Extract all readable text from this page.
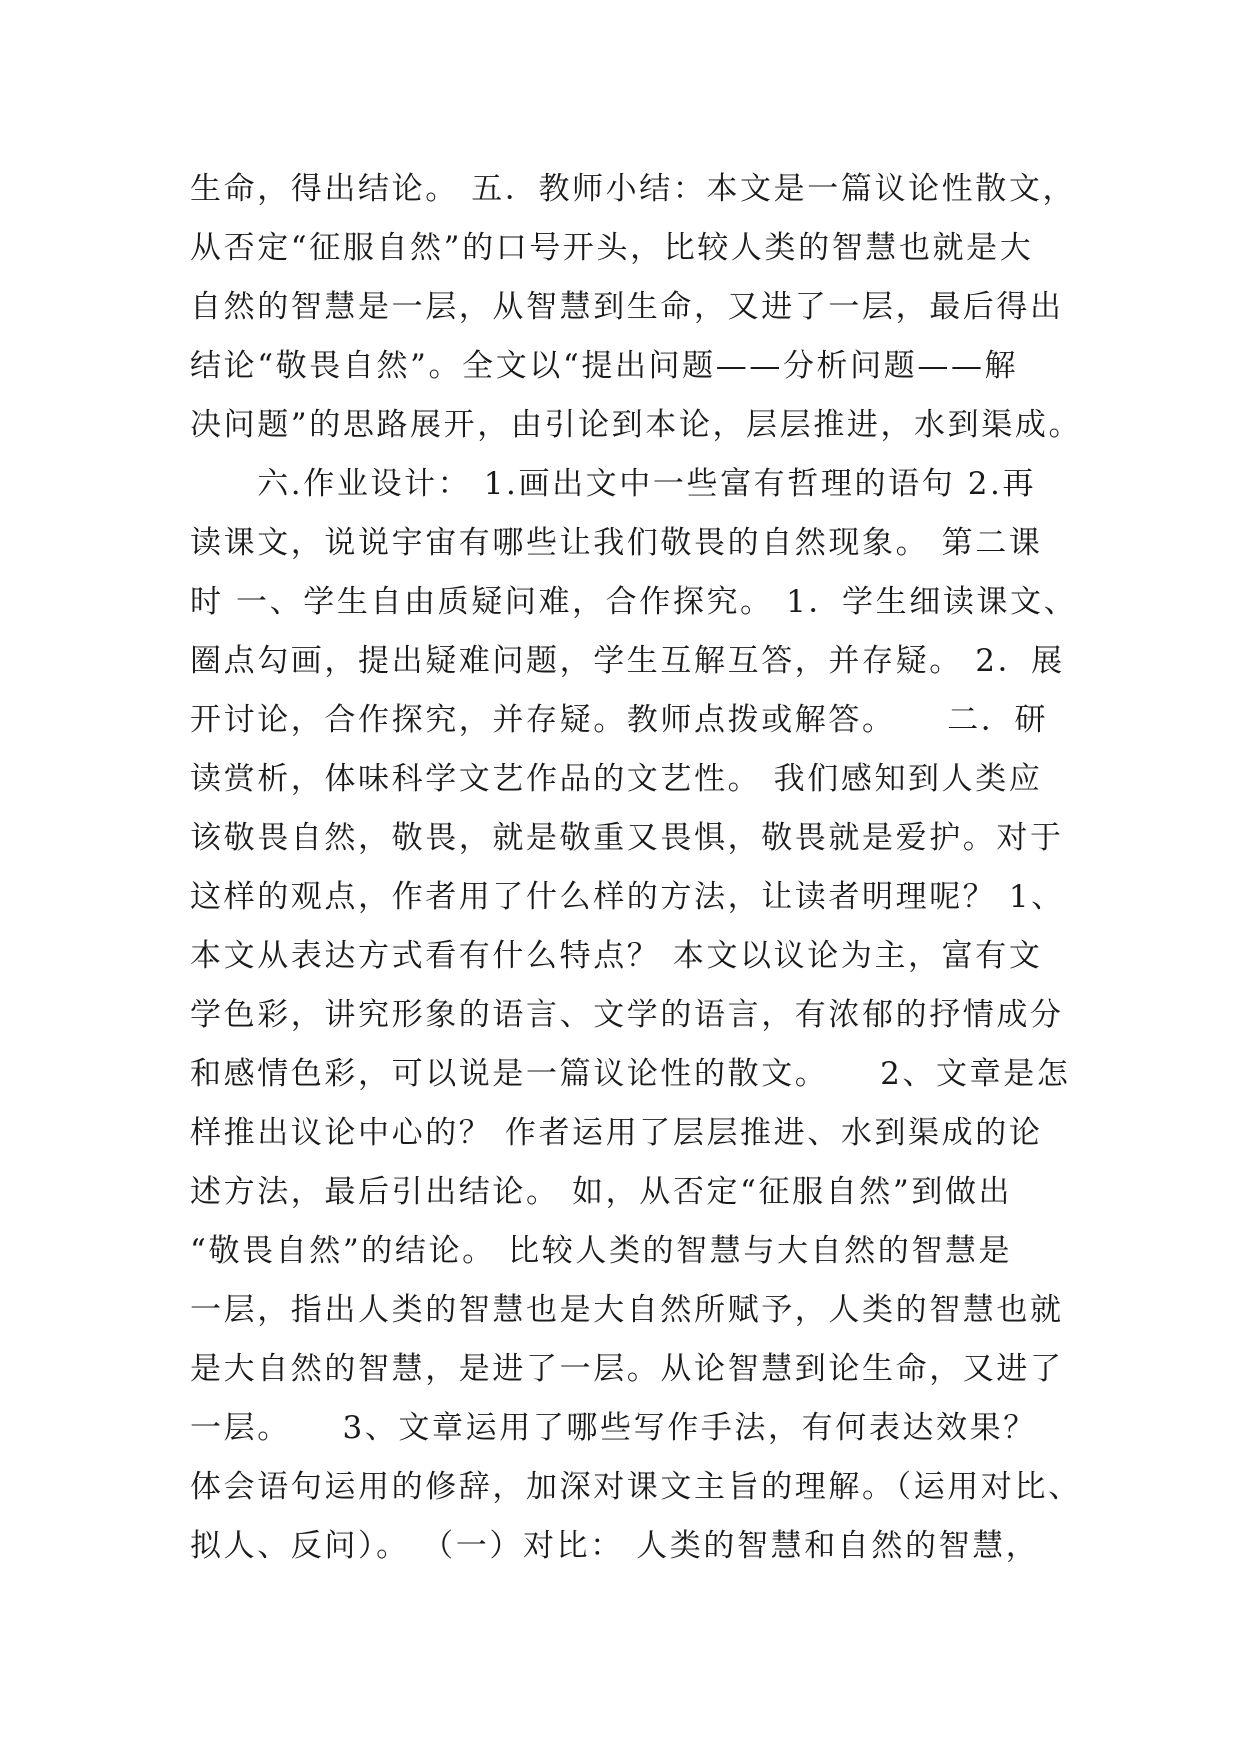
生命，得出结论。 五．教师小结：本文是一篇议论性散文，
从否定“征服自然”的口号开头，比较人类的智慧也就是大
自然的智慧是一层，从智慧到生命，又进了一层，最后得出
结论“敬畏自然”。全文以“提出问题——分析问题——解
决问题”的思路展开，由引论到本论，层层推进，水到渠成。
　　六.作业设计： 1.画出文中一些富有哲理的语句 2.再
读课文，说说宇宙有哪些让我们敬畏的自然现象。 第二课
时 一、学生自由质疑问难，合作探究。 1．学生细读课文、
圈点勾画，提出疑难问题，学生互解互答，并存疑。 2．展
开讨论，合作探究，并存疑。教师点拨或解答。　　二．研
读赏析，体味科学文艺作品的文艺性。 我们感知到人类应
该敬畏自然，敬畏，就是敬重又畏惧，敬畏就是爱护。对于
这样的观点，作者用了什么样的方法，让读者明理呢？ 1、
本文从表达方式看有什么特点？ 本文以议论为主，富有文
学色彩，讲究形象的语言、文学的语言，有浓郁的抒情成分
和感情色彩，可以说是一篇议论性的散文。　　2、文章是怎
样推出议论中心的？ 作者运用了层层推进、水到渠成的论
述方法，最后引出结论。 如，从否定“征服自然”到做出
“敬畏自然”的结论。 比较人类的智慧与大自然的智慧是
一层，指出人类的智慧也是大自然所赋予，人类的智慧也就
是大自然的智慧，是进了一层。从论智慧到论生命，又进了
一层。　　3、文章运用了哪些写作手法，有何表达效果？
体会语句运用的修辞，加深对课文主旨的理解。（运用对比、
拟人、反问）。 （一）对比： 人类的智慧和自然的智慧，
